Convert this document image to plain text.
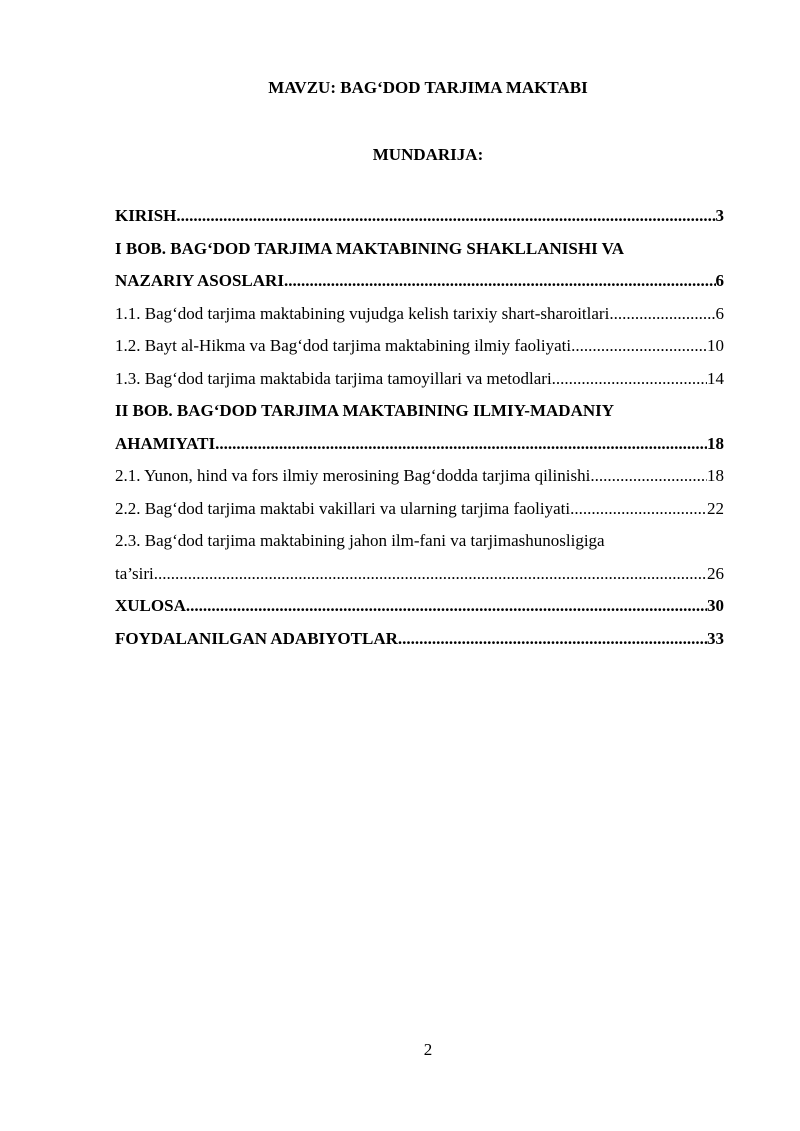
MAVZU: BAG‘DOD TARJIMA MAKTABI
MUNDARIJA:
KIRISH .....	3
I BOB. BAG‘DOD TARJIMA MAKTABINING SHAKLLANISHI VA
NAZARIY ASOSLARI .....	6
1.1. Bag‘dod tarjima maktabining vujudga kelish tarixiy shart-sharoitlari .....	6
1.2. Bayt al-Hikma va Bag‘dod tarjima maktabining ilmiy faoliyati .....	10
1.3. Bag‘dod tarjima maktabida tarjima tamoyillari va metodlari .....	14
II BOB. BAG‘DOD TARJIMA MAKTABINING ILMIY-MADANIY
AHAMIYATI .....	18
2.1. Yunon, hind va fors ilmiy merosining Bag‘dodda tarjima qilinishi .....	18
2.2. Bag‘dod tarjima maktabi vakillari va ularning tarjima faoliyati .....	22
2.3. Bag‘dod tarjima maktabining jahon ilm-fani va tarjimashunosligiga
ta’siri .....	26
XULOSA .....	30
FOYDALANILGAN ADABIYOTLAR .....	33
2
